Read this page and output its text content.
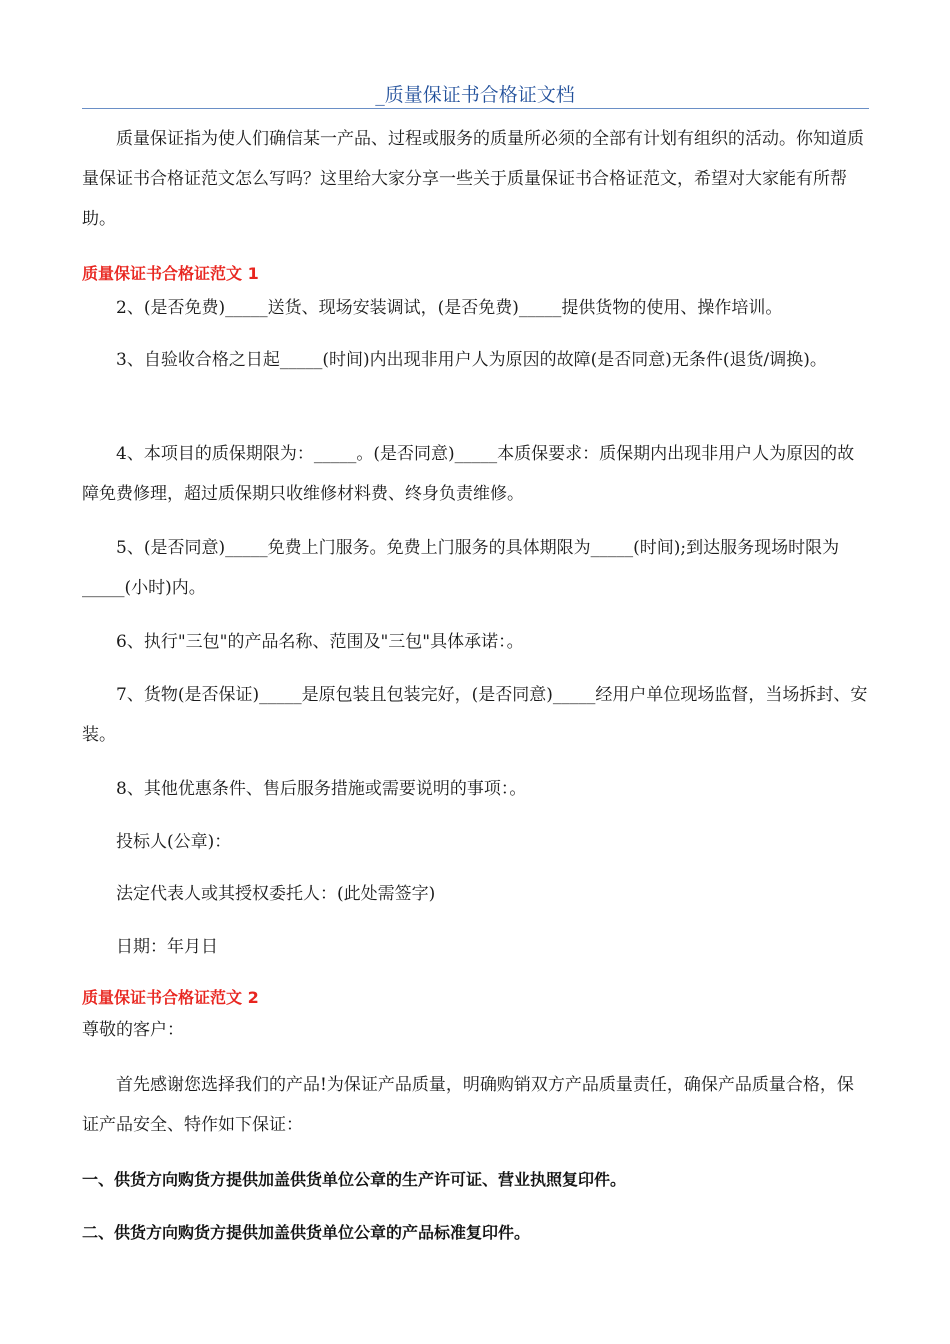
_质量保证书合格证文档

质量保证指为使人们确信某一产品、过程或服务的质量所必须的全部有计划有组织的活动。你知道质量保证书合格证范文怎么写吗？这里给大家分享一些关于质量保证书合格证范文，希望对大家能有所帮助。

质量保证书合格证范文 1

2、(是否免费)_____送货、现场安装调试，(是否免费)_____提供货物的使用、操作培训。

3、自验收合格之日起_____(时间)内出现非用户人为原因的故障(是否同意)无条件(退货/调换)。

4、本项目的质保期限为：_____。(是否同意)_____本质保要求：质保期内出现非用户人为原因的故障免费修理，超过质保期只收维修材料费、终身负责维修。

5、(是否同意)_____免费上门服务。免费上门服务的具体期限为_____(时间);到达服务现场时限为_____(小时)内。

6、执行"三包"的产品名称、范围及"三包"具体承诺：。

7、货物(是否保证)_____是原包装且包装完好，(是否同意)_____经用户单位现场监督，当场拆封、安装。

8、其他优惠条件、售后服务措施或需要说明的事项：。

投标人(公章)：

法定代表人或其授权委托人：(此处需签字)

日期：年月日

质量保证书合格证范文 2

尊敬的客户：

首先感谢您选择我们的产品!为保证产品质量，明确购销双方产品质量责任，确保产品质量合格，保证产品安全、特作如下保证：

一、供货方向购货方提供加盖供货单位公章的生产许可证、营业执照复印件。
二、供货方向购货方提供加盖供货单位公章的产品标准复印件。
